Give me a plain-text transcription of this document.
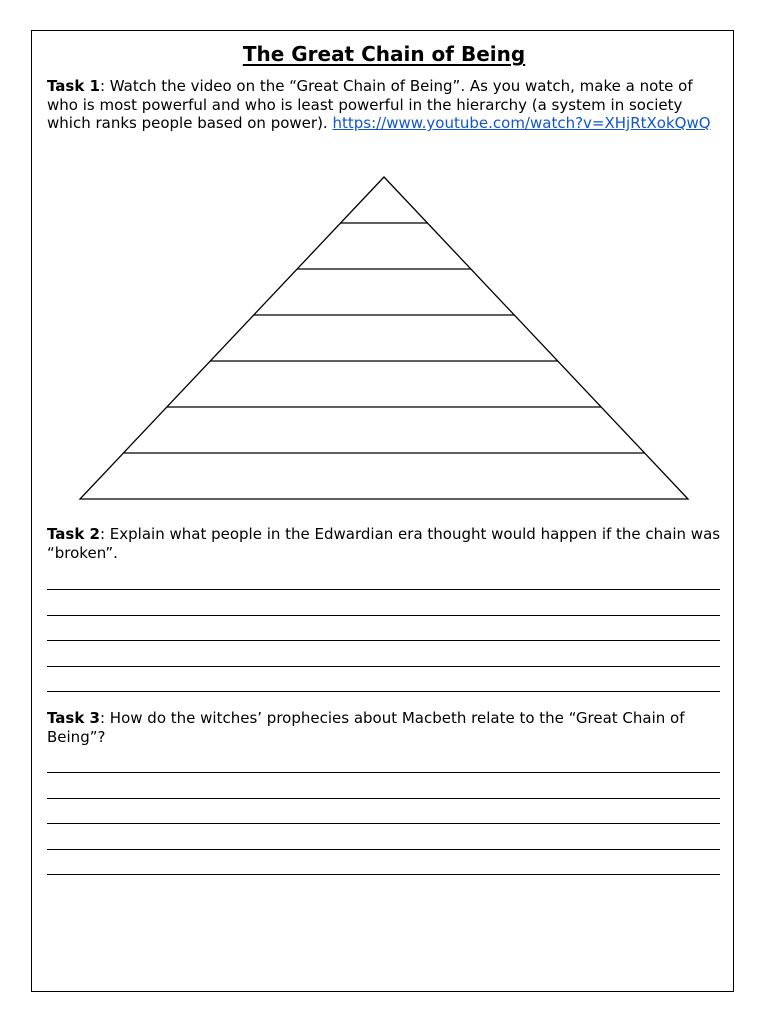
The Great Chain of Being
Task 1: Watch the video on the “Great Chain of Being”. As you watch, make a note of who is most powerful and who is least powerful in the hierarchy (a system in society which ranks people based on power). https://www.youtube.com/watch?v=XHjRtXokQwQ
Task 2: Explain what people in the Edwardian era thought would happen if the chain was “broken”.
Task 3: How do the witches’ prophecies about Macbeth relate to the “Great Chain of Being”?
